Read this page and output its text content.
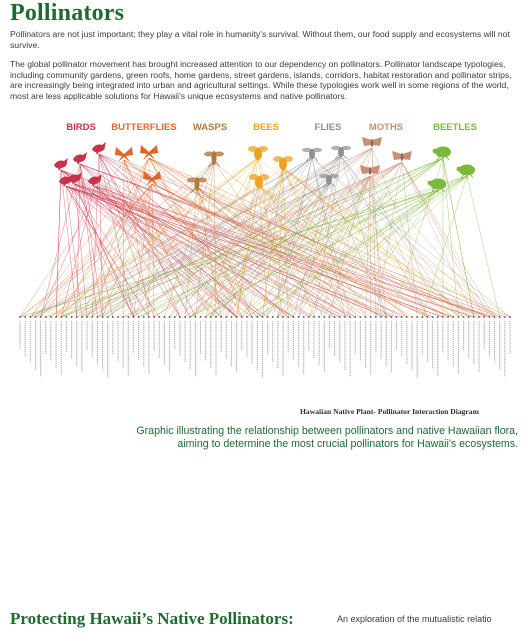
Pollinators

Pollinators are not just important; they play a vital role in humanity's survival. Without them, our food supply and ecosystems will not survive.

The global pollinator movement has brought increased attention to our dependency on pollinators. Pollinator landscape typologies, including community gardens, green roofs, home gardens, street gardens, islands, corridors, habitat restoration and pollinator strips, are increasingly being integrated into urban and agricultural settings. While these typologies work well in some regions of the world, most are less applicable solutions for Hawaii's unique ecosystems and native pollinators.

BIRDS BUTTERFLIES WASPS	BEES	FLIES	MOTHS	BEETLES
Hawaiian Native Plant- Pollinator Interaction Diagram
Graphic illustrating the relationship between pollinators and native Hawaiian flora,
aiming to determine the most crucial pollinators for Hawaii's ecosystems.
Protecting Hawaii’s Native Pollinators:	An exploration of the mutualistic relatio
